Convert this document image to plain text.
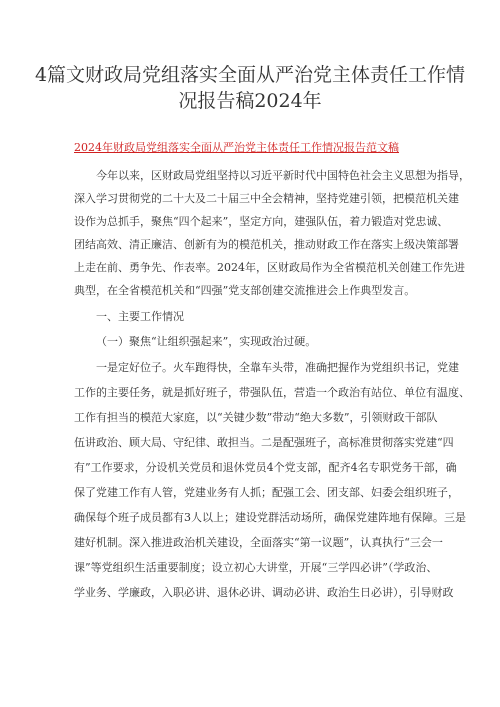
4篇文财政局党组落实全面从严治党主体责任工作情
况报告稿2024年

2024年财政局党组落实全面从严治党主体责任工作情况报告范文稿

今年以来，区财政局党组坚持以习近平新时代中国特色社会主义思想为指导，

深入学习贯彻党的二十大及二十届三中全会精神，坚持党建引领，把模范机关建

设作为总抓手，聚焦“四个起来”，坚定方向，建强队伍，着力锻造对党忠诚、

团结高效、清正廉洁、创新有为的模范机关，推动财政工作在落实上级决策部署

上走在前、勇争先、作表率。2024年，区财政局作为全省模范机关创建工作先进

典型，在全省模范机关和“四强”党支部创建交流推进会上作典型发言。

一、主要工作情况

（一）聚焦“让组织强起来”，实现政治过硬。

一是定好位子。火车跑得快，全靠车头带，准确把握作为党组织书记，党建

工作的主要任务，就是抓好班子，带强队伍，营造一个政治有站位、单位有温度、

工作有担当的模范大家庭，以“关键少数”带动“绝大多数”，引领财政干部队

伍讲政治、顾大局、守纪律、敢担当。二是配强班子，高标准贯彻落实党建“四

有”工作要求，分设机关党员和退休党员4个党支部，配齐4名专职党务干部，确

保了党建工作有人管，党建业务有人抓；配强工会、团支部、妇委会组织班子，

确保每个班子成员都有3人以上；建设党群活动场所，确保党建阵地有保障。三是

建好机制。深入推进政治机关建设，全面落实“第一议题”，认真执行“三会一

课”等党组织生活重要制度；设立初心大讲堂，开展“三学四必讲”（学政治、

学业务、学廉政，入职必讲、退休必讲、调动必讲、政治生日必讲），引导财政
